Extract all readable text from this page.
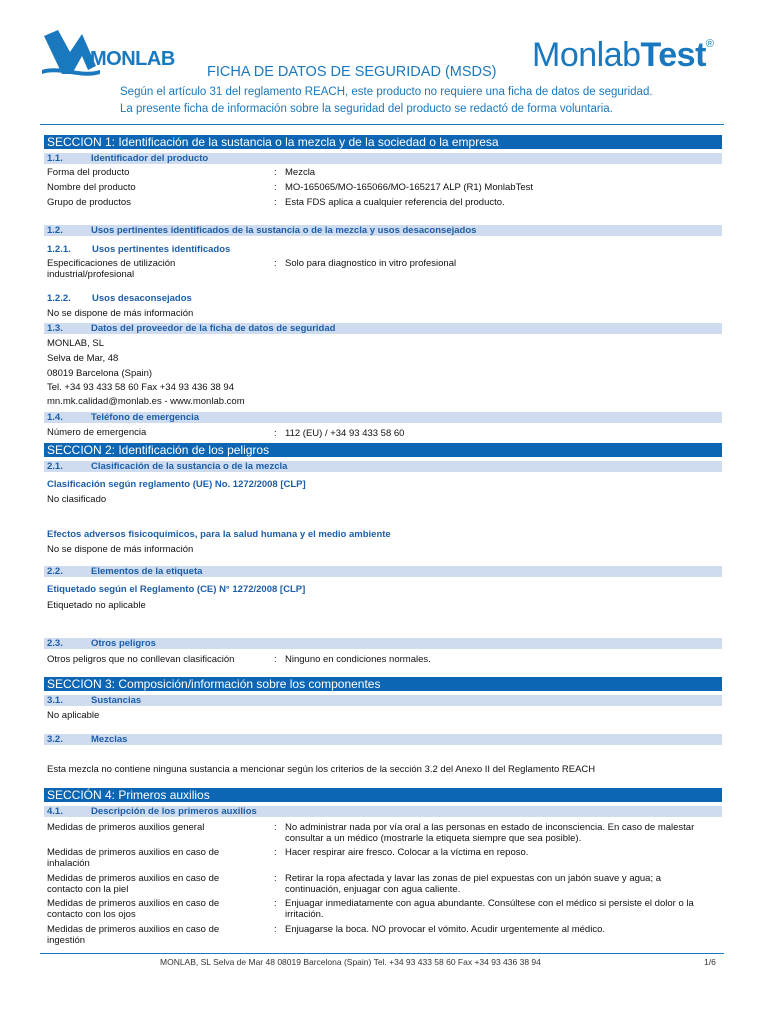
MONLAB	MonlabTest®
FICHA DE DATOS DE SEGURIDAD (MSDS)
Según el artículo 31 del reglamento REACH, este producto no requiere una ficha de datos de seguridad.
La presente ficha de información sobre la seguridad del producto se redactó de forma voluntaria.
SECCION 1: Identificación de la sustancia o la mezcla y de la sociedad o la empresa
1.1.	Identificador del producto
Forma del producto	: Mezcla
Nombre del producto	: MO-165065/MO-165066/MO-165217 ALP (R1) MonlabTest
Grupo de productos	: Esta FDS aplica a cualquier referencia del producto.
1.2.	Usos pertinentes identificados de la sustancia o de la mezcla y usos desaconsejados
1.2.1. Usos pertinentes identificados
Especificaciones de utilización industrial/profesional
: Solo para diagnostico in vitro profesional
1.2.2. Usos desaconsejados
No se dispone de más información
1.3.	Datos del proveedor de la ficha de datos de seguridad
MONLAB, SL
Selva de Mar, 48
08019 Barcelona (Spain)
Tel. +34 93 433 58 60 Fax +34 93 436 38 94
mn.mk.calidad@monlab.es - www.monlab.com
1.4.	Teléfono de emergencia
Número de emergencia	: 112 (EU) / +34 93 433 58 60
SECCION 2: Identificación de los peligros
2.1.	Clasificación de la sustancia o de la mezcla
Clasificación según reglamento (UE) No. 1272/2008 [CLP]
No clasificado
Efectos adversos fisicoquímicos, para la salud humana y el medio ambiente
No se dispone de más información
2.2.	Elementos de la etiqueta
Etiquetado según el Reglamento (CE) N° 1272/2008 [CLP]
Etiquetado no aplicable
2.3.	Otros peligros
Otros peligros que no conllevan clasificación	: Ninguno en condiciones normales.
SECCION 3: Composición/información sobre los componentes
3.1.	Sustancias
No aplicable
3.2.	Mezclas
Esta mezcla no contiene ninguna sustancia a mencionar según los criterios de la sección 3.2 del Anexo II del Reglamento REACH
SECCIÓN 4: Primeros auxilios
4.1.	Descripción de los primeros auxilios
Medidas de primeros auxilios general	: No administrar nada por vía oral a las personas en estado de inconsciencia. En caso de malestar consultar a un médico (mostrarle la etiqueta siempre que sea posible).
Medidas de primeros auxilios en caso de inhalación
: Hacer respirar aire fresco. Colocar a la víctima en reposo.
Medidas de primeros auxilios en caso de contacto con la piel
: Retirar la ropa afectada y lavar las zonas de piel expuestas con un jabón suave y agua; a continuación, enjuagar con agua caliente.
Medidas de primeros auxilios en caso de contacto con los ojos
: Enjuagar inmediatamente con agua abundante. Consúltese con el médico si persiste el dolor o la irritación.
Medidas de primeros auxilios en caso de ingestión
: Enjuagarse la boca. NO provocar el vómito. Acudir urgentemente al médico.
MONLAB, SL Selva de Mar 48 08019 Barcelona (Spain) Tel. +34 93 433 58 60 Fax +34 93 436 38 94	1/6
